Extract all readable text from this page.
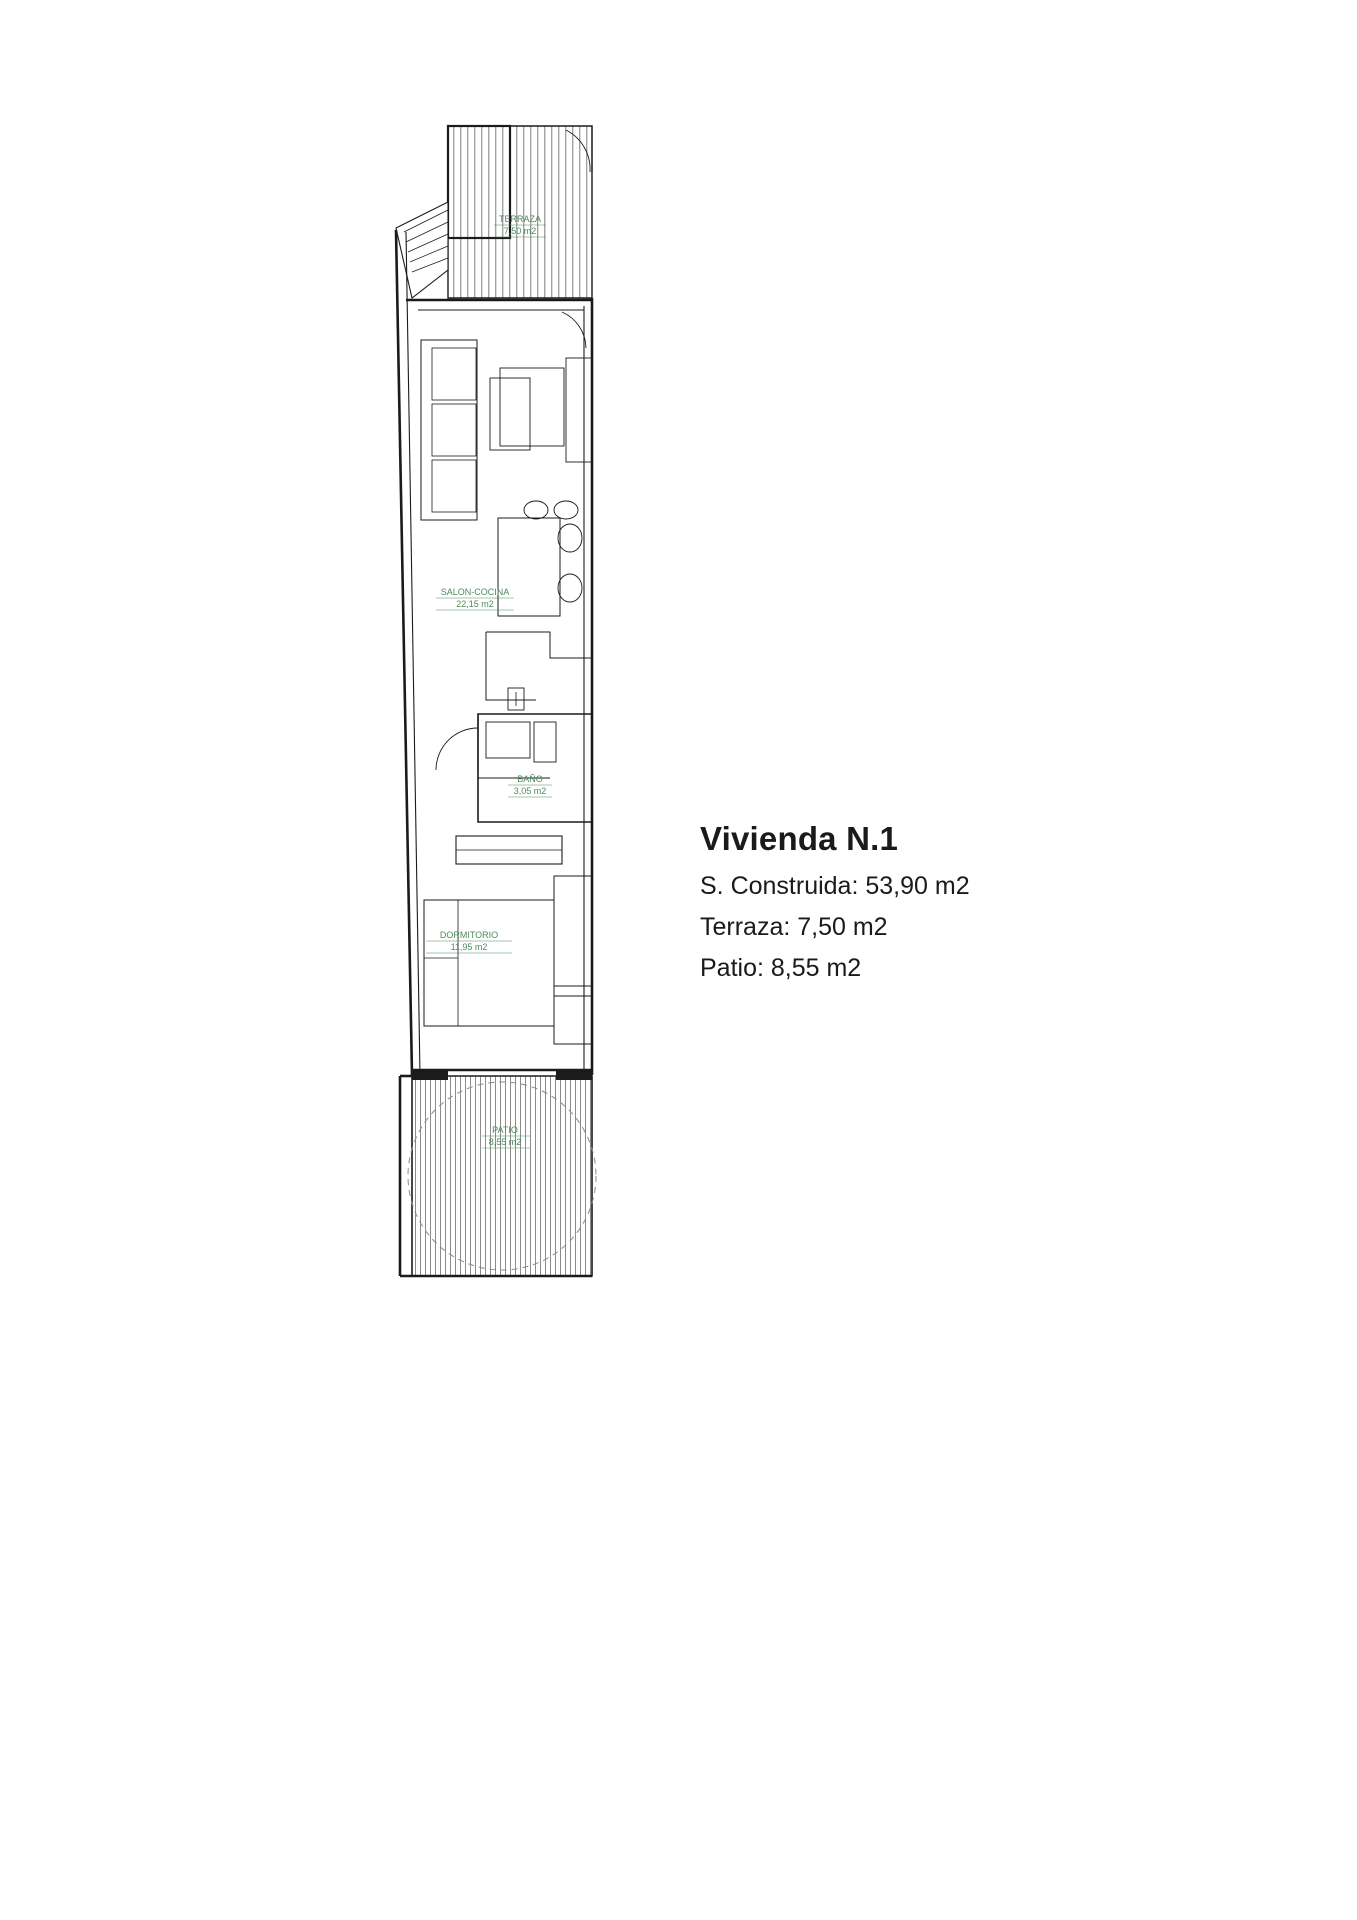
TERRAZA
7,50 m2
SALON-COCINA
22,15 m2
BAÑO
3,05 m2
DORMITORIO
11,95 m2
PATIO
8,55 m2
Vivienda N.1
S. Construida: 53,90 m2
Terraza: 7,50 m2
Patio: 8,55 m2
